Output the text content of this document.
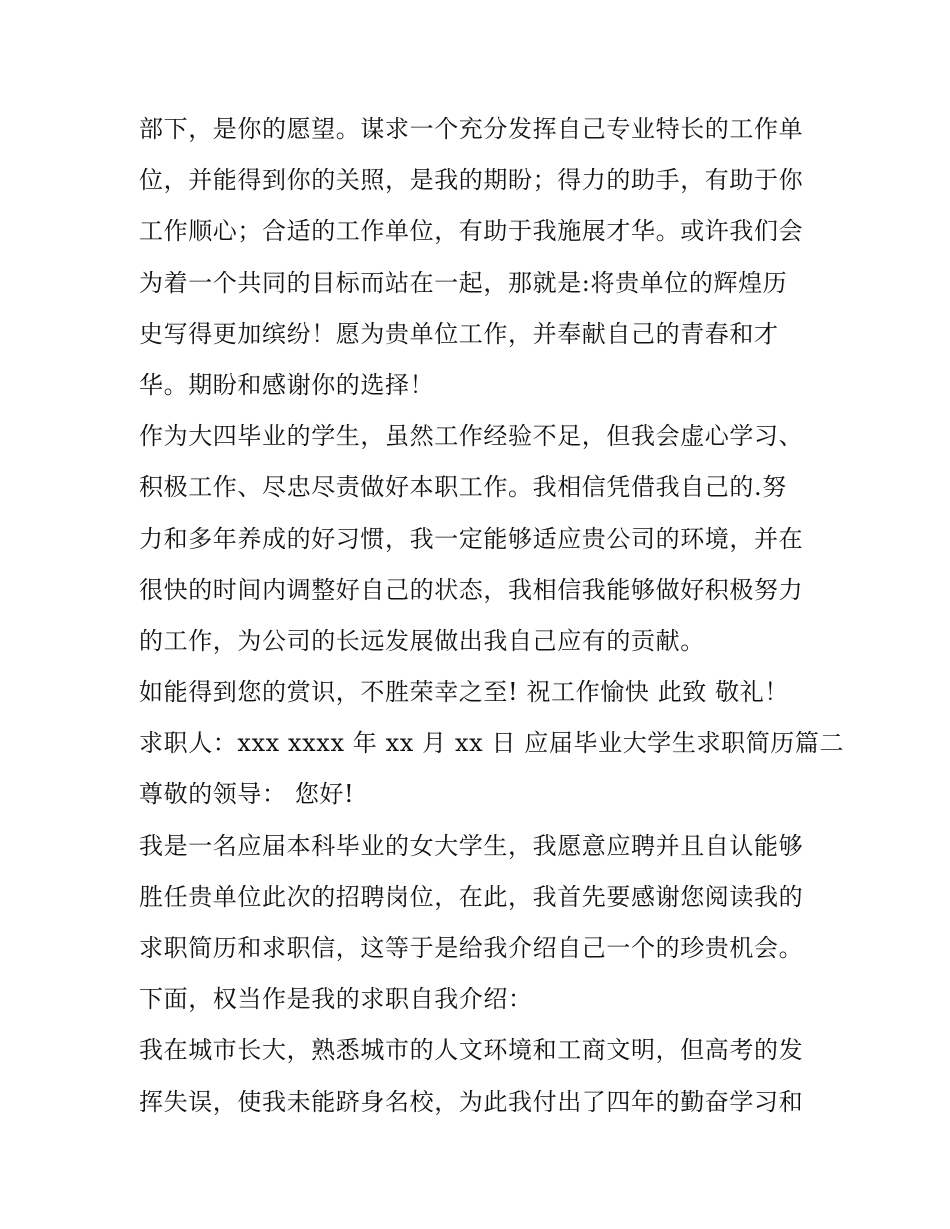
部下，是你的愿望。谋求一个充分发挥自己专业特长的工作单
位，并能得到你的关照，是我的期盼；得力的助手，有助于你
工作顺心；合适的工作单位，有助于我施展才华。或许我们会
为着一个共同的目标而站在一起，那就是:将贵单位的辉煌历
史写得更加缤纷！愿为贵单位工作，并奉献自己的青春和才
华。期盼和感谢你的选择！
作为大四毕业的学生，虽然工作经验不足，但我会虚心学习、
积极工作、尽忠尽责做好本职工作。我相信凭借我自己的.努
力和多年养成的好习惯，我一定能够适应贵公司的环境，并在
很快的时间内调整好自己的状态，我相信我能够做好积极努力
的工作，为公司的长远发展做出我自己应有的贡献。
如能得到您的赏识，不胜荣幸之至! 祝工作愉快 此致 敬礼！
求职人：xxx xxxx 年 xx 月 xx 日 应届毕业大学生求职简历篇二
尊敬的领导： 您好!
我是一名应届本科毕业的女大学生，我愿意应聘并且自认能够
胜任贵单位此次的招聘岗位，在此，我首先要感谢您阅读我的
求职简历和求职信，这等于是给我介绍自己一个的珍贵机会。
下面，权当作是我的求职自我介绍：
我在城市长大，熟悉城市的人文环境和工商文明，但高考的发
挥失误，使我未能跻身名校，为此我付出了四年的勤奋学习和
